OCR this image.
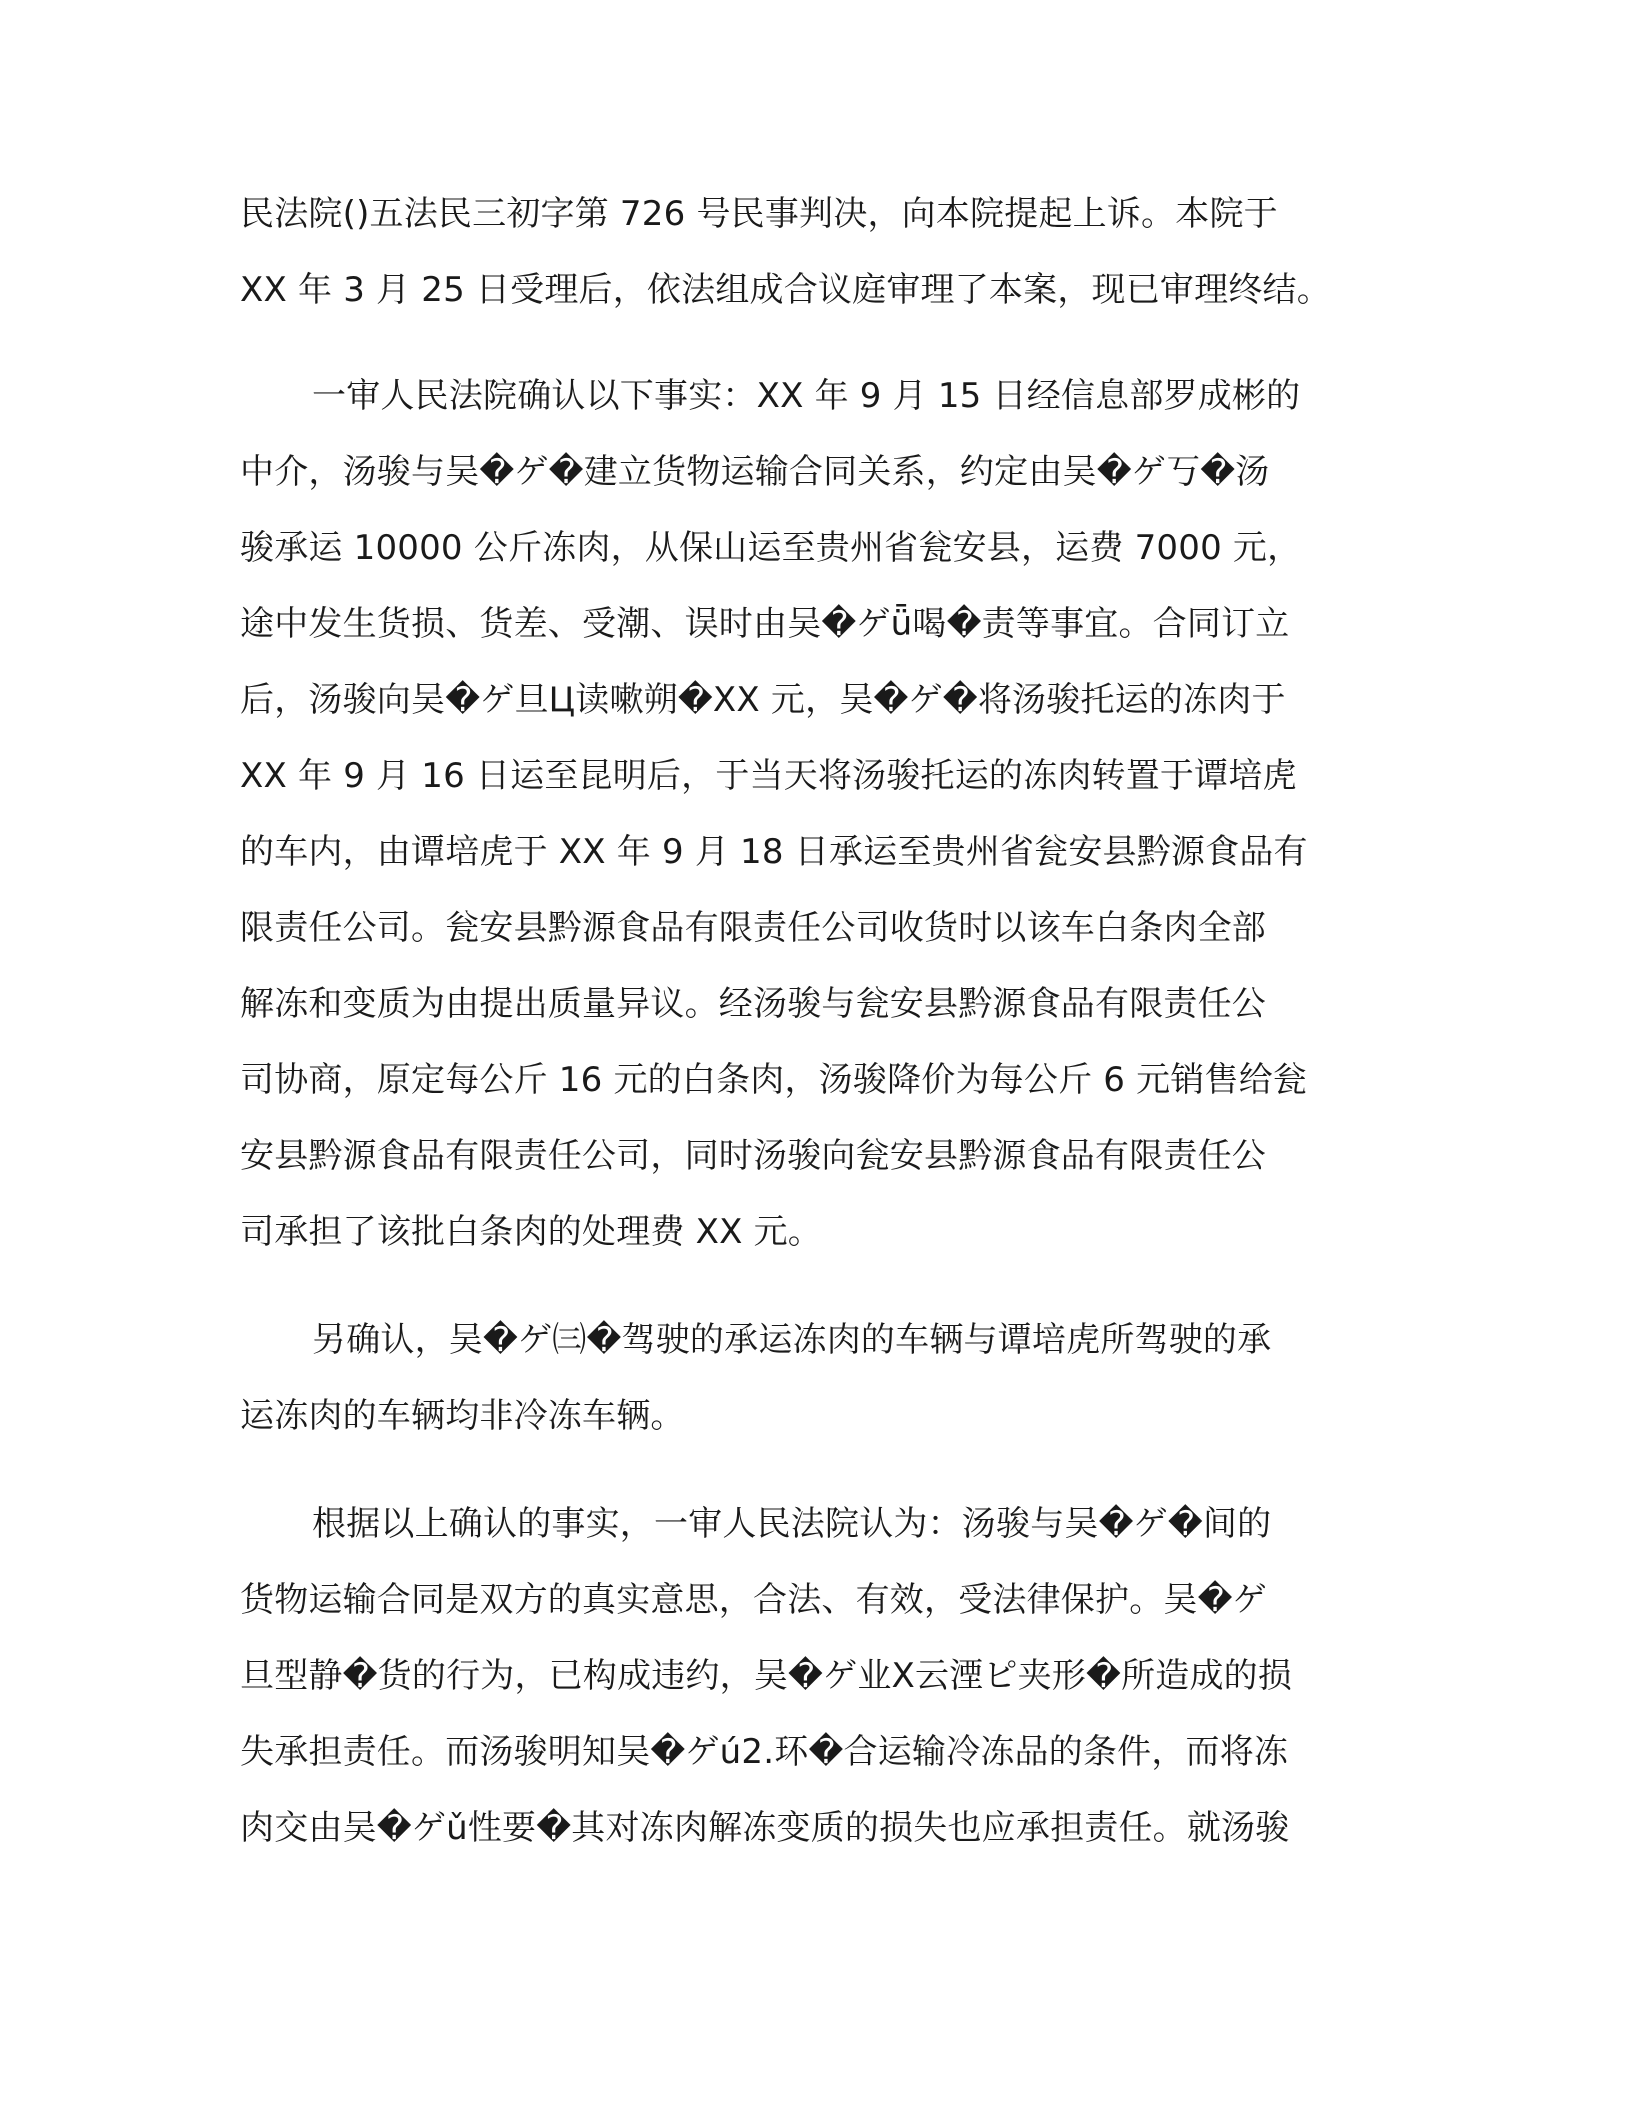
民法院()五法民三初字第 726 号民事判决，向本院提起上诉。本院于
XX 年 3 月 25 日受理后，依法组成合议庭审理了本案，现已审理终结。
一审人民法院确认以下事实：XX 年 9 月 15 日经信息部罗成彬的
中介，汤骏与吴�ゲ�建立货物运输合同关系，约定由吴�ゲ丂�汤
骏承运 10000 公斤冻肉，从保山运至贵州省瓮安县，运费 7000 元，
途中发生货损、货差、受潮、误时由吴�ゲǖ喝�责等事宜。合同订立
后，汤骏向吴�ゲ旦Ц读嗽朔�XX 元，吴�ゲ�将汤骏托运的冻肉于
XX 年 9 月 16 日运至昆明后，于当天将汤骏托运的冻肉转置于谭培虎
的车内，由谭培虎于 XX 年 9 月 18 日承运至贵州省瓮安县黔源食品有
限责任公司。瓮安县黔源食品有限责任公司收货时以该车白条肉全部
解冻和变质为由提出质量异议。经汤骏与瓮安县黔源食品有限责任公
司协商，原定每公斤 16 元的白条肉，汤骏降价为每公斤 6 元销售给瓮
安县黔源食品有限责任公司，同时汤骏向瓮安县黔源食品有限责任公
司承担了该批白条肉的处理费 XX 元。
另确认，吴�ゲ㈢�驾驶的承运冻肉的车辆与谭培虎所驾驶的承
运冻肉的车辆均非冷冻车辆。
根据以上确认的事实，一审人民法院认为：汤骏与吴�ゲ�间的
货物运输合同是双方的真实意思，合法、有效，受法律保护。吴�ゲ
旦型静�货的行为，已构成违约，吴�ゲ业X云湮ピ夹形�所造成的损
失承担责任。而汤骏明知吴�ゲú2.环�合运输冷冻品的条件，而将冻
肉交由吴�ゲǔ性要�其对冻肉解冻变质的损失也应承担责任。就汤骏
